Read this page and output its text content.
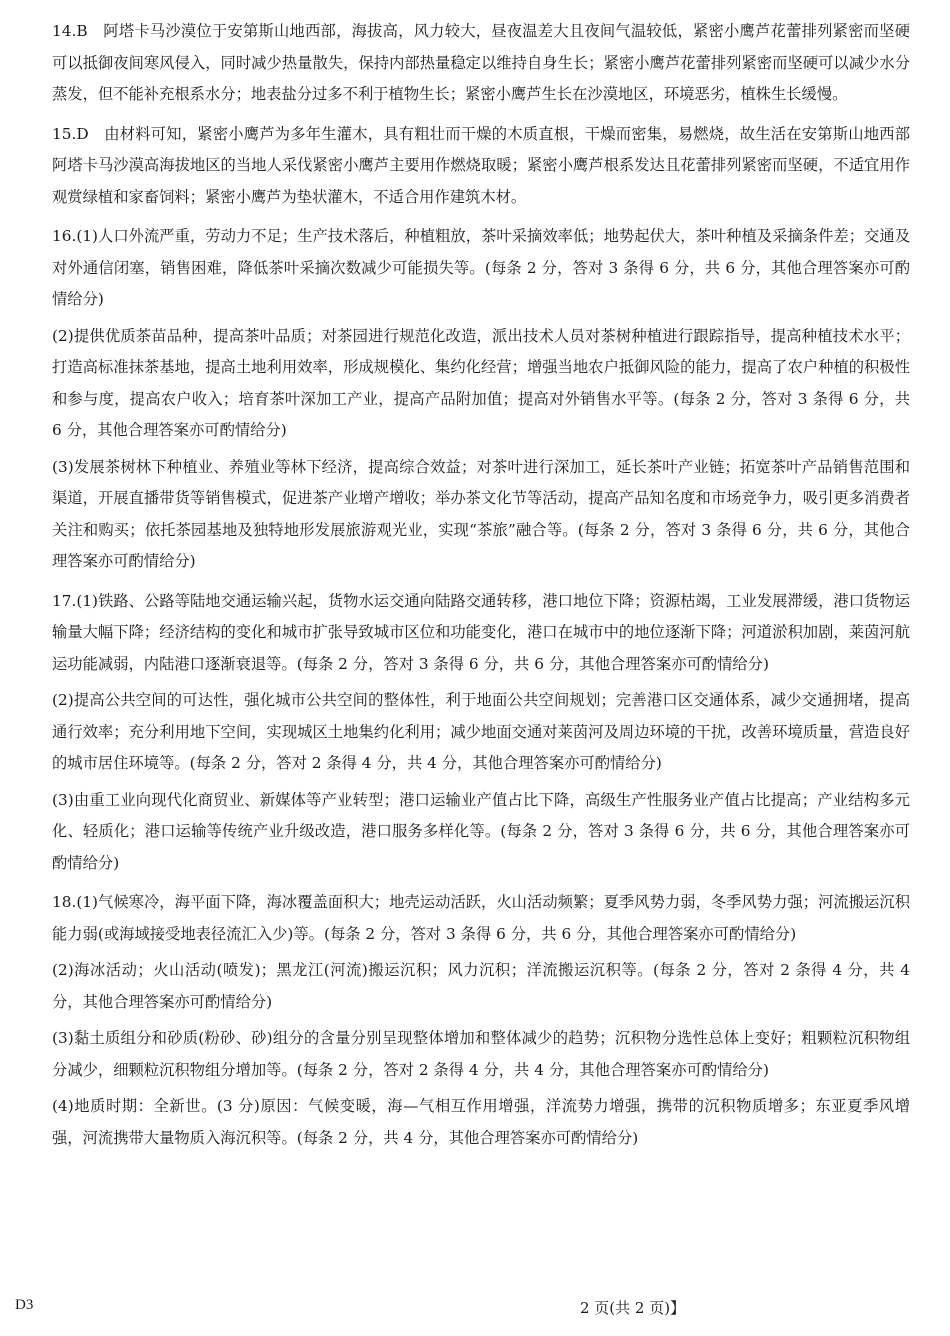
14.B　阿塔卡马沙漠位于安第斯山地西部，海拔高，风力较大，昼夜温差大且夜间气温较低，紧密小鹰芦花蕾排列紧密而坚硬可以抵御夜间寒风侵入，同时减少热量散失，保持内部热量稳定以维持自身生长；紧密小鹰芦花蕾排列紧密而坚硬可以减少水分蒸发，但不能补充根系水分；地表盐分过多不利于植物生长；紧密小鹰芦生长在沙漠地区，环境恶劣，植株生长缓慢。

15.D　由材料可知，紧密小鹰芦为多年生灌木，具有粗壮而干燥的木质直根，干燥而密集，易燃烧，故生活在安第斯山地西部阿塔卡马沙漠高海拔地区的当地人采伐紧密小鹰芦主要用作燃烧取暖；紧密小鹰芦根系发达且花蕾排列紧密而坚硬，不适宜用作观赏绿植和家畜饲料；紧密小鹰芦为垫状灌木，不适合用作建筑木材。

16.(1)人口外流严重，劳动力不足；生产技术落后，种植粗放，茶叶采摘效率低；地势起伏大，茶叶种植及采摘条件差；交通及对外通信闭塞，销售困难，降低茶叶采摘次数减少可能损失等。(每条 2 分，答对 3 条得 6 分，共 6 分，其他合理答案亦可酌情给分)

(2)提供优质茶苗品种，提高茶叶品质；对茶园进行规范化改造，派出技术人员对茶树种植进行跟踪指导，提高种植技术水平；打造高标准抹茶基地，提高土地利用效率，形成规模化、集约化经营；增强当地农户抵御风险的能力，提高了农户种植的积极性和参与度，提高农户收入；培育茶叶深加工产业，提高产品附加值；提高对外销售水平等。(每条 2 分，答对 3 条得 6 分，共 6 分，其他合理答案亦可酌情给分)

(3)发展茶树林下种植业、养殖业等林下经济，提高综合效益；对茶叶进行深加工，延长茶叶产业链；拓宽茶叶产品销售范围和渠道，开展直播带货等销售模式，促进茶产业增产增收；举办茶文化节等活动，提高产品知名度和市场竞争力，吸引更多消费者关注和购买；依托茶园基地及独特地形发展旅游观光业，实现“茶旅”融合等。(每条 2 分，答对 3 条得 6 分，共 6 分，其他合理答案亦可酌情给分)

17.(1)铁路、公路等陆地交通运输兴起，货物水运交通向陆路交通转移，港口地位下降；资源枯竭，工业发展滞缓，港口货物运输量大幅下降；经济结构的变化和城市扩张导致城市区位和功能变化，港口在城市中的地位逐渐下降；河道淤积加剧，莱茵河航运功能减弱，内陆港口逐渐衰退等。(每条 2 分，答对 3 条得 6 分，共 6 分，其他合理答案亦可酌情给分)

(2)提高公共空间的可达性，强化城市公共空间的整体性，利于地面公共空间规划；完善港口区交通体系，减少交通拥堵，提高通行效率；充分利用地下空间，实现城区土地集约化利用；减少地面交通对莱茵河及周边环境的干扰，改善环境质量，营造良好的城市居住环境等。(每条 2 分，答对 2 条得 4 分，共 4 分，其他合理答案亦可酌情给分)

(3)由重工业向现代化商贸业、新媒体等产业转型；港口运输业产值占比下降，高级生产性服务业产值占比提高；产业结构多元化、轻质化；港口运输等传统产业升级改造，港口服务多样化等。(每条 2 分，答对 3 条得 6 分，共 6 分，其他合理答案亦可酌情给分)

18.(1)气候寒冷，海平面下降，海冰覆盖面积大；地壳运动活跃，火山活动频繁；夏季风势力弱，冬季风势力强；河流搬运沉积能力弱(或海域接受地表径流汇入少)等。(每条 2 分，答对 3 条得 6 分，共 6 分，其他合理答案亦可酌情给分)

(2)海冰活动；火山活动(喷发)；黑龙江(河流)搬运沉积；风力沉积；洋流搬运沉积等。(每条 2 分，答对 2 条得 4 分，共 4 分，其他合理答案亦可酌情给分)

(3)黏土质组分和砂质(粉砂、砂)组分的含量分别呈现整体增加和整体减少的趋势；沉积物分选性总体上变好；粗颗粒沉积物组分减少，细颗粒沉积物组分增加等。(每条 2 分，答对 2 条得 4 分，共 4 分，其他合理答案亦可酌情给分)

(4)地质时期：全新世。(3 分)原因：气候变暖，海—气相互作用增强，洋流势力增强，携带的沉积物质增多；东亚夏季风增强，河流携带大量物质入海沉积等。(每条 2 分，共 4 分，其他合理答案亦可酌情给分)

D3	2 页(共 2 页)】
